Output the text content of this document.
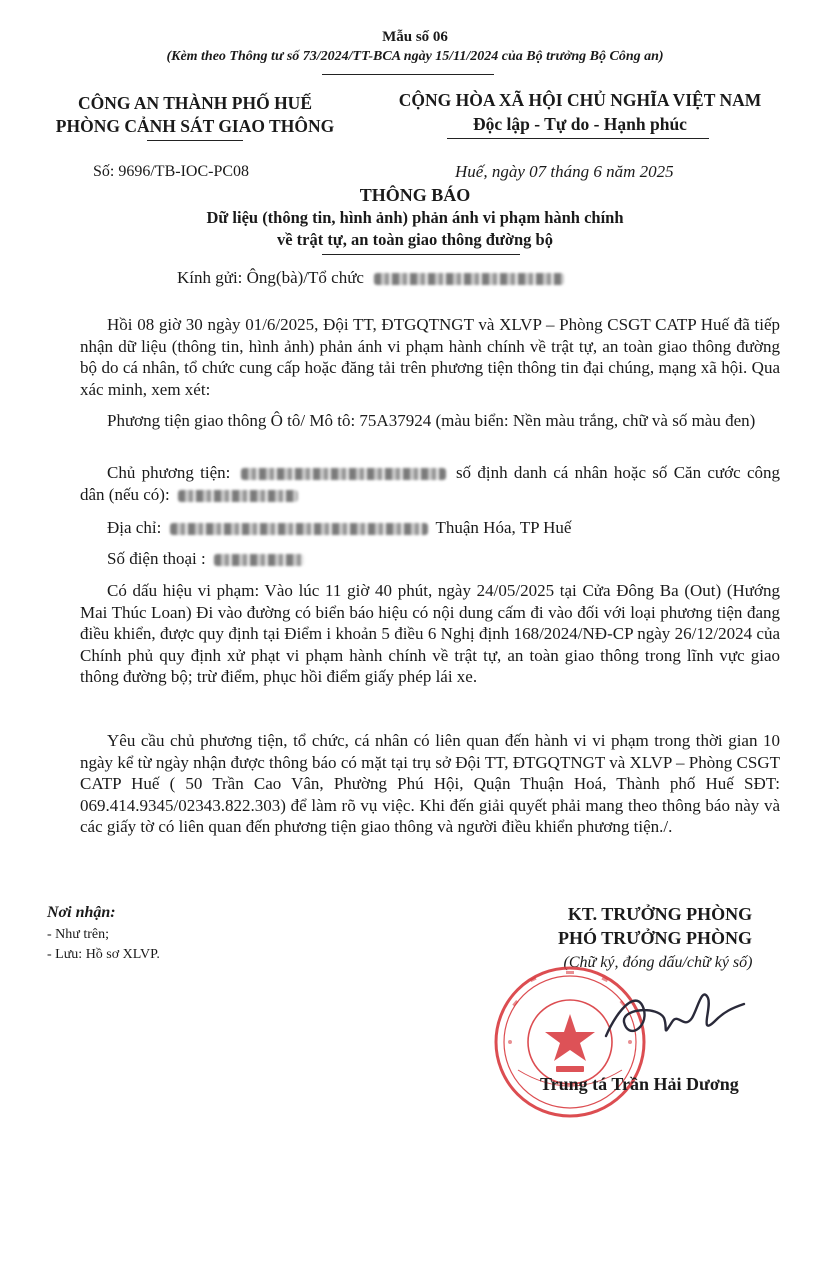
Mẫu số 06
(Kèm theo Thông tư số 73/2024/TT-BCA ngày 15/11/2024 của Bộ trưởng Bộ Công an)
CÔNG AN THÀNH PHỐ HUẾ
PHÒNG CẢNH SÁT GIAO THÔNG
CỘNG HÒA XÃ HỘI CHỦ NGHĨA VIỆT NAM
Độc lập - Tự do - Hạnh phúc
Số: 9696/TB-IOC-PC08	Huế, ngày 07 tháng 6 năm 2025
THÔNG BÁO
Dữ liệu (thông tin, hình ảnh) phản ánh vi phạm hành chính
về trật tự, an toàn giao thông đường bộ
Kính gửi: Ông(bà)/Tổ chức
Hồi 08 giờ 30 ngày 01/6/2025, Đội TT, ĐTGQTNGT và XLVP – Phòng CSGT CATP Huế đã tiếp nhận dữ liệu (thông tin, hình ảnh) phản ánh vi phạm hành chính về trật tự, an toàn giao thông đường bộ do cá nhân, tổ chức cung cấp hoặc đăng tải trên phương tiện thông tin đại chúng, mạng xã hội. Qua xác minh, xem xét:
Phương tiện giao thông Ô tô/ Mô tô: 75A37924 (màu biển: Nền màu trắng, chữ và số màu đen)
Chủ phương tiện:	số định danh cá nhân hoặc số Căn cước công dân (nếu có):
Địa chỉ:	Thuận Hóa, TP Huế
Số điện thoại :
Có dấu hiệu vi phạm: Vào lúc 11 giờ 40 phút, ngày 24/05/2025 tại Cửa Đông Ba (Out) (Hướng Mai Thúc Loan) Đi vào đường có biển báo hiệu có nội dung cấm đi vào đối với loại phương tiện đang điều khiển, được quy định tại Điểm i khoản 5 điều 6 Nghị định 168/2024/NĐ-CP ngày 26/12/2024 của Chính phủ quy định xử phạt vi phạm hành chính về trật tự, an toàn giao thông trong lĩnh vực giao thông đường bộ; trừ điểm, phục hồi điểm giấy phép lái xe.
Yêu cầu chủ phương tiện, tổ chức, cá nhân có liên quan đến hành vi vi phạm trong thời gian 10 ngày kể từ ngày nhận được thông báo có mặt tại trụ sở Đội TT, ĐTGQTNGT và XLVP – Phòng CSGT CATP Huế ( 50 Trần Cao Vân, Phường Phú Hội, Quận Thuận Hoá, Thành phố Huế SĐT: 069.414.9345/02343.822.303) để làm rõ vụ việc. Khi đến giải quyết phải mang theo thông báo này và các giấy tờ có liên quan đến phương tiện giao thông và người điều khiển phương tiện./.
Nơi nhận:
- Như trên;
- Lưu: Hồ sơ XLVP.
KT. TRƯỞNG PHÒNG
PHÓ TRƯỞNG PHÒNG
(Chữ ký, đóng dấu/chữ ký số)
Trung tá Trần Hải Dương
